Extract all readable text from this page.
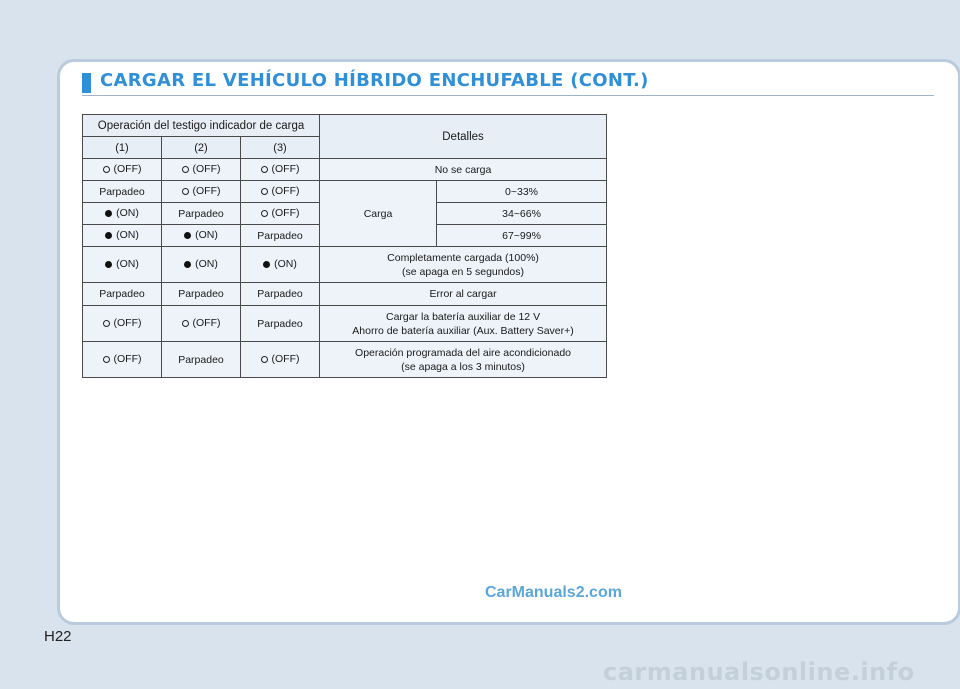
CARGAR EL VEHÍCULO HÍBRIDO ENCHUFABLE (CONT.)
Operación del testigo indicador de carga			Detalles	
(1)	(2)	(3)		

(OFF)	(OFF)	(OFF)	No se carga	
Parpadeo	(OFF)	(OFF)	Carga	0~33%

(ON)	Parpadeo	(OFF)		34~66%

(ON)	(ON)	Parpadeo		67~99%

(ON)	(ON)	(ON)	Completamente cargada (100%)
(se apaga en 5 segundos)	

Parpadeo	Parpadeo	Parpadeo	Error al cargar	

(OFF)	(OFF)	Parpadeo	Cargar la batería auxiliar de 12 V
Ahorro de batería auxiliar (Aux. Battery Saver+)	

(OFF)	Parpadeo	(OFF)	Operación programada del aire acondicionado
(se apaga a los 3 minutos)	

CarManuals2.com

H22

carmanualsonline.info
